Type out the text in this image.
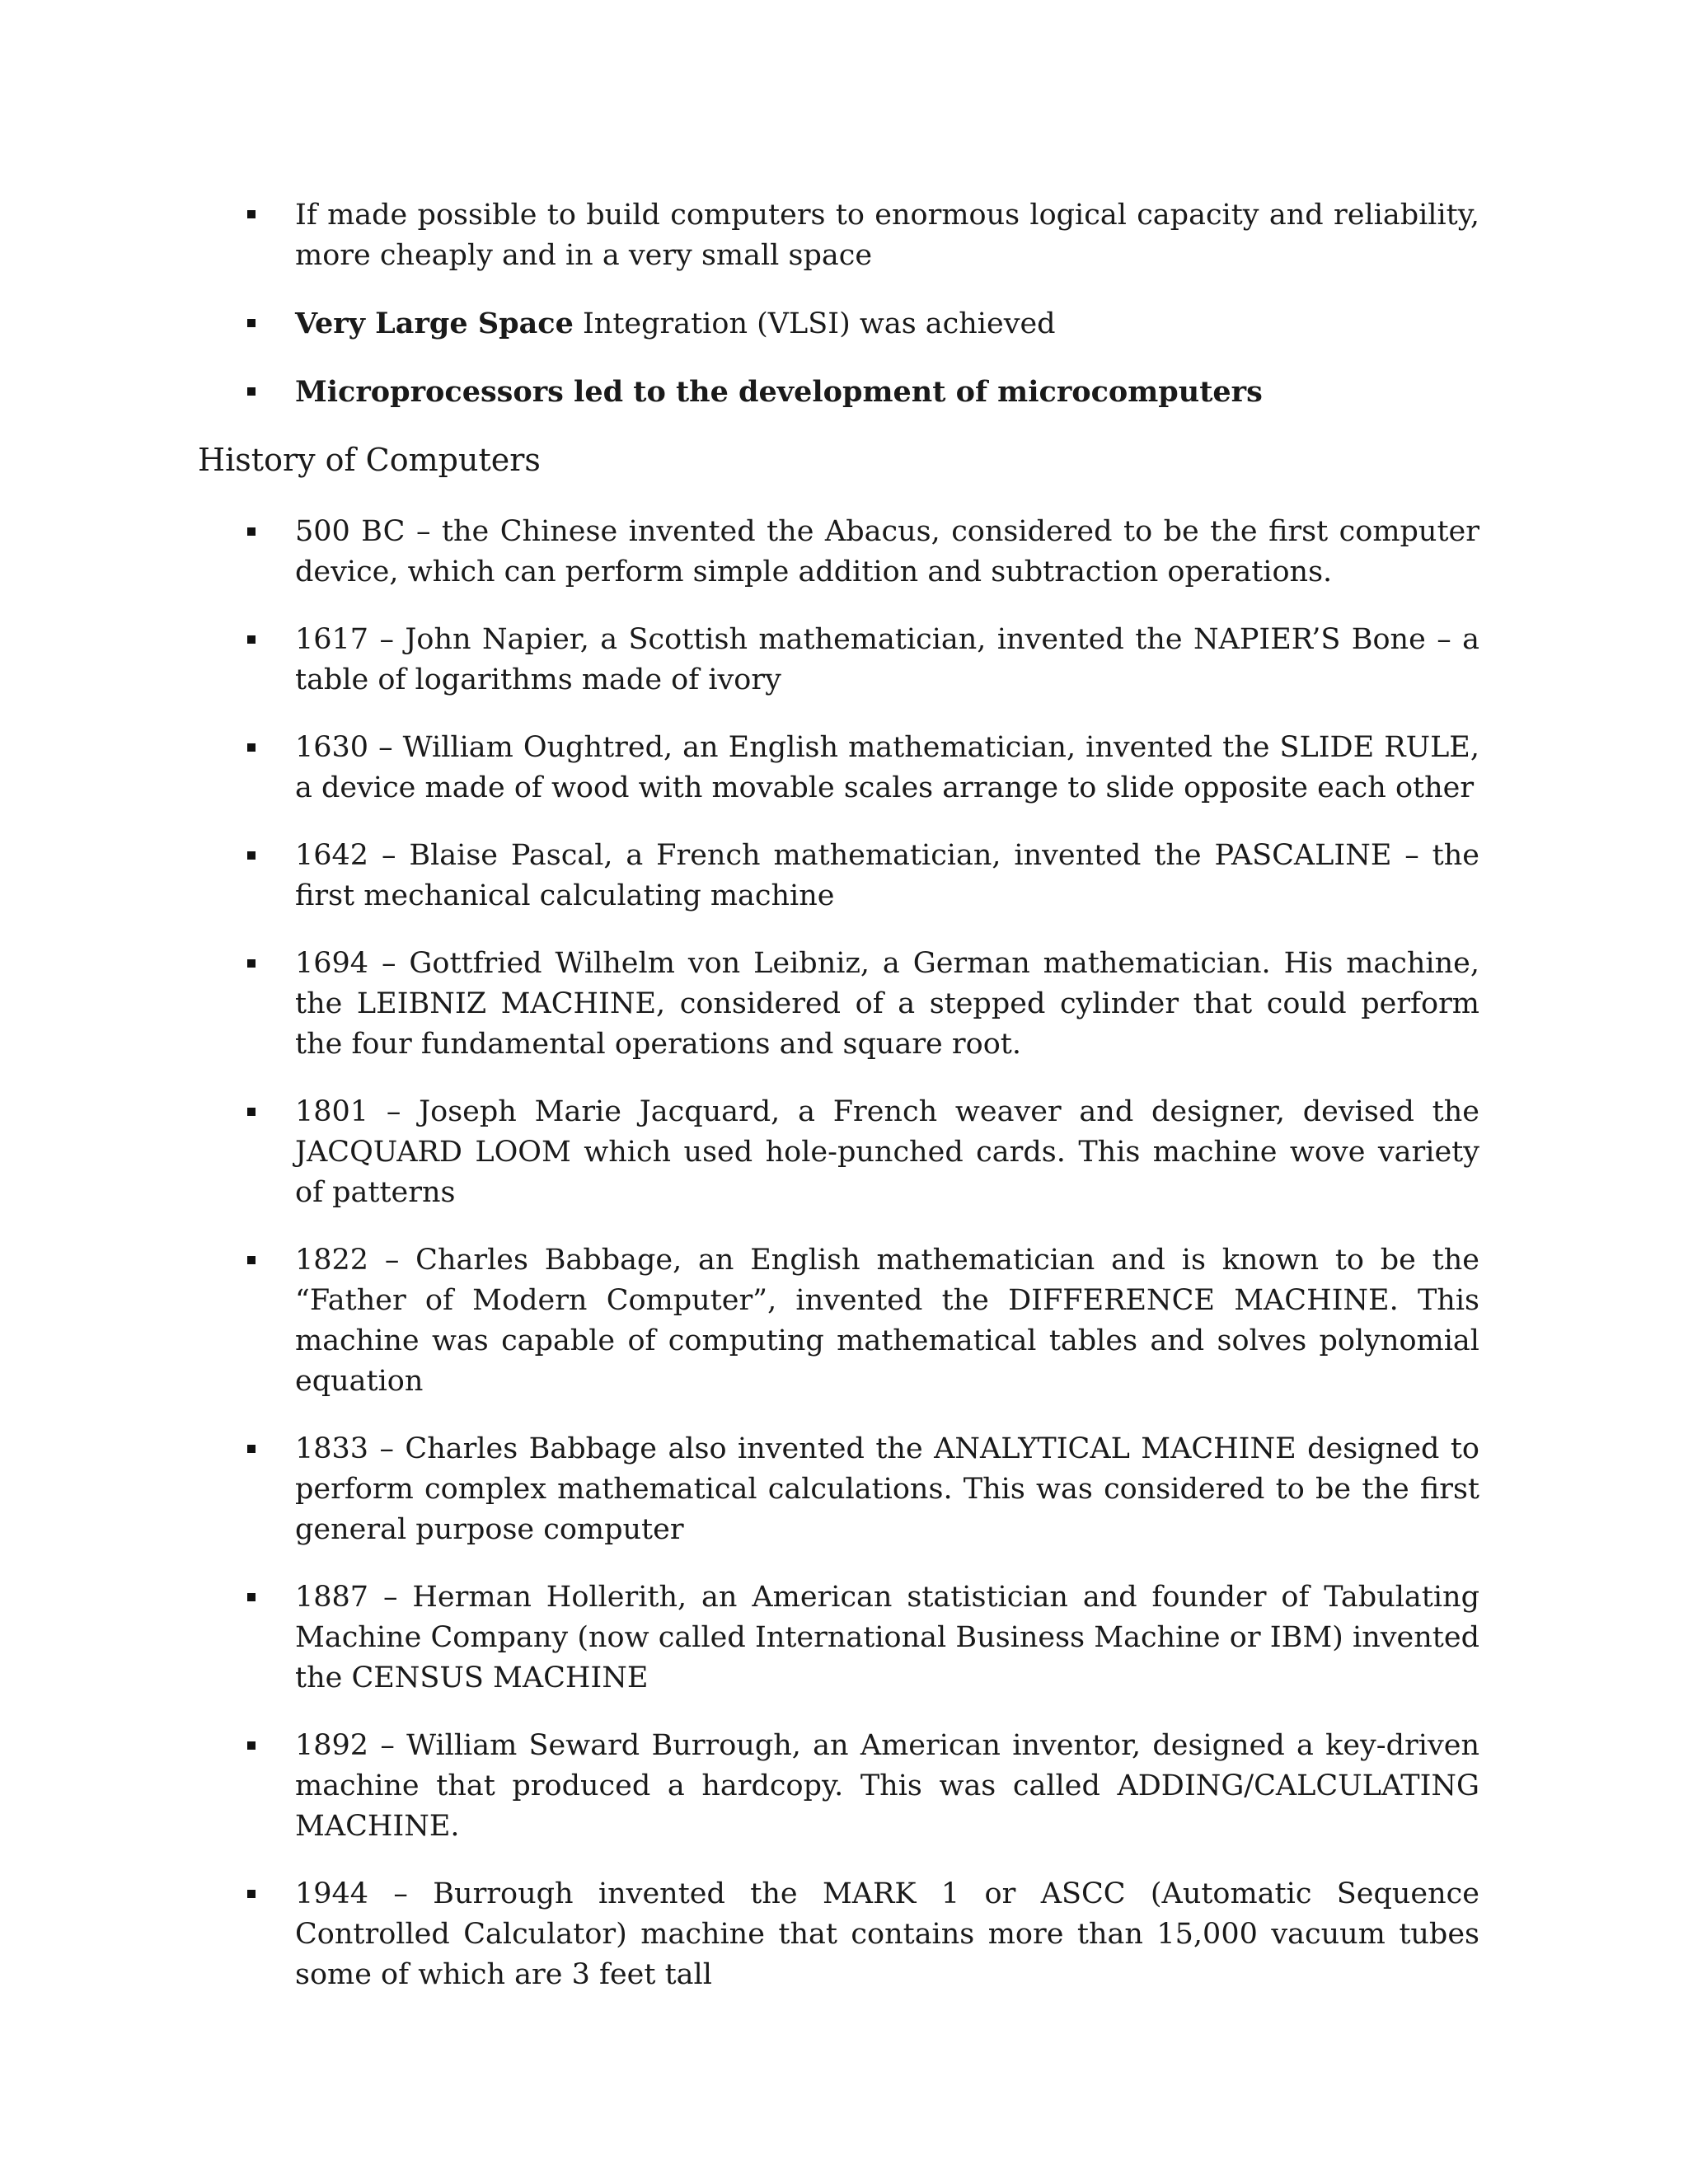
If made possible to build computers to enormous logical capacity and reliability, more cheaply and in a very small space
Very Large Space Integration (VLSI) was achieved
Microprocessors led to the development of microcomputers
History of Computers
500 BC – the Chinese invented the Abacus, considered to be the first computer device, which can perform simple addition and subtraction operations.
1617 – John Napier, a Scottish mathematician, invented the NAPIER’S Bone – a table of logarithms made of ivory
1630 – William Oughtred, an English mathematician, invented the SLIDE RULE, a device made of wood with movable scales arrange to slide opposite each other
1642 – Blaise Pascal, a French mathematician, invented the PASCALINE – the first mechanical calculating machine
1694 – Gottfried Wilhelm von Leibniz, a German mathematician. His machine, the LEIBNIZ MACHINE, considered of a stepped cylinder that could perform the four fundamental operations and square root.
1801 – Joseph Marie Jacquard, a French weaver and designer, devised the JACQUARD LOOM which used hole-punched cards. This machine wove variety of patterns
1822 – Charles Babbage, an English mathematician and is known to be the “Father of Modern Computer”, invented the DIFFERENCE MACHINE. This machine was capable of computing mathematical tables and solves polynomial equation
1833 – Charles Babbage also invented the ANALYTICAL MACHINE designed to perform complex mathematical calculations. This was considered to be the first general purpose computer
1887 – Herman Hollerith, an American statistician and founder of Tabulating Machine Company (now called International Business Machine or IBM) invented the CENSUS MACHINE
1892 – William Seward Burrough, an American inventor, designed a key-driven machine that produced a hardcopy. This was called ADDING/CALCULATING MACHINE.
1944 – Burrough invented the MARK 1 or ASCC (Automatic Sequence Controlled Calculator) machine that contains more than 15,000 vacuum tubes some of which are 3 feet tall
